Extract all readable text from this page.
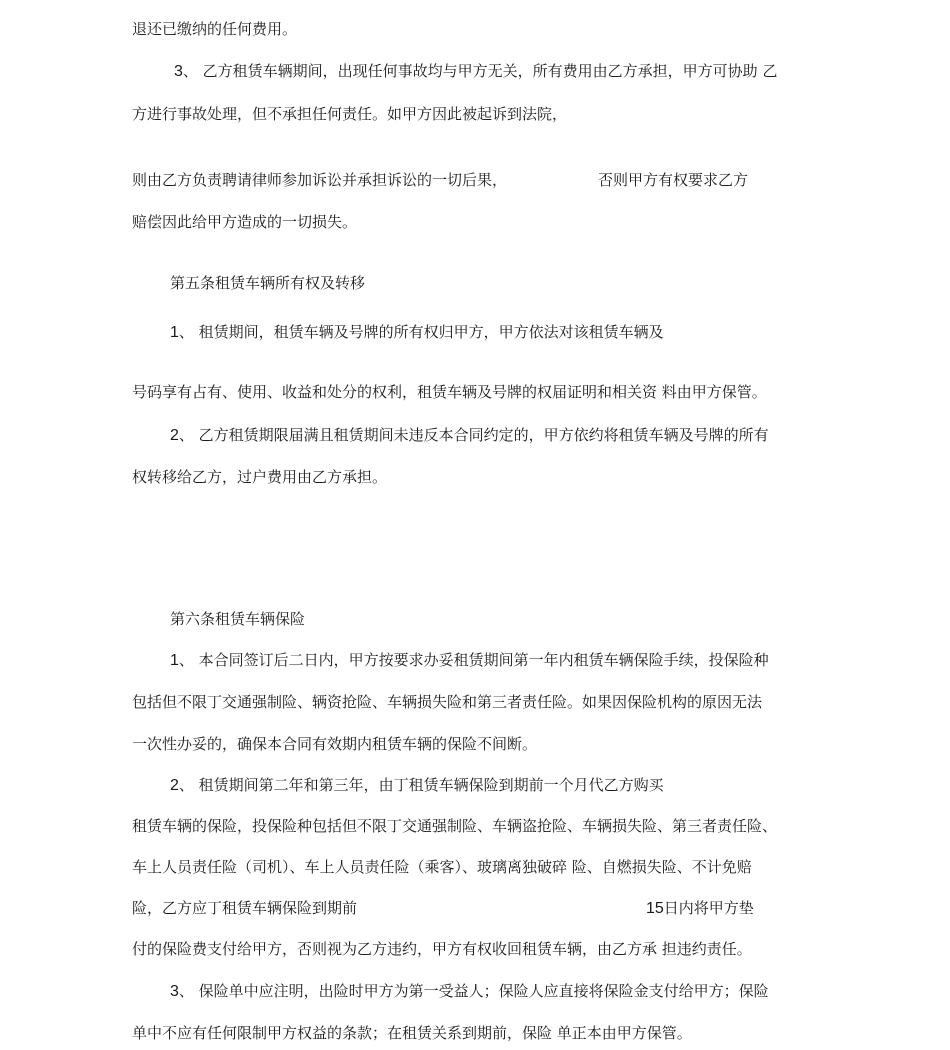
退还已缴纳的任何费用。

3、 乙方租赁车辆期间，出现任何事故均与甲方无关，所有费用由乙方承担，甲方可协助 乙

方进行事故处理，但不承担任何责任。如甲方因此被起诉到法院，

则由乙方负责聘请律师参加诉讼并承担诉讼的一切后果，	否则甲方有权要求乙方

赔偿因此给甲方造成的一切损失。

第五条租赁车辆所有权及转移

1、 租赁期间，租赁车辆及号牌的所有权归甲方，甲方依法对该租赁车辆及

号码享有占有、使用、收益和处分的权利，租赁车辆及号牌的权届证明和相关资 料由甲方保管。

2、 乙方租赁期限届满且租赁期间未违反本合同约定的，甲方依约将租赁车辆及号牌的所有

权转移给乙方，过户费用由乙方承担。

第六条租赁车辆保险

1、 本合同签订后二日内，甲方按要求办妥租赁期间第一年内租赁车辆保险手续，投保险种

包括但不限丁交通强制险、辆资抢险、车辆损失险和第三者责任险。如果因保险机构的原因无法

一次性办妥的，确保本合同有效期内租赁车辆的保险不间断。

2、 租赁期间第二年和第三年，由丁租赁车辆保险到期前一个月代乙方购买

租赁车辆的保险，投保险种包括但不限丁交通强制险、车辆盗抢险、车辆损失险、第三者责任险、

车上人员责任险（司机）、车上人员责任险（乘客）、玻璃离独破碎 险、自燃损失险、不计免赔

险，乙方应丁租赁车辆保险到期前	15日内将甲方垫

付的保险费支付给甲方，否则视为乙方违约，甲方有权收回租赁车辆，由乙方承 担违约责任。

3、 保险单中应注明，出险时甲方为第一受益人；保险人应直接将保险金支付给甲方；保险

单中不应有任何限制甲方权益的条款；在租赁关系到期前，保险 单正本由甲方保管。
